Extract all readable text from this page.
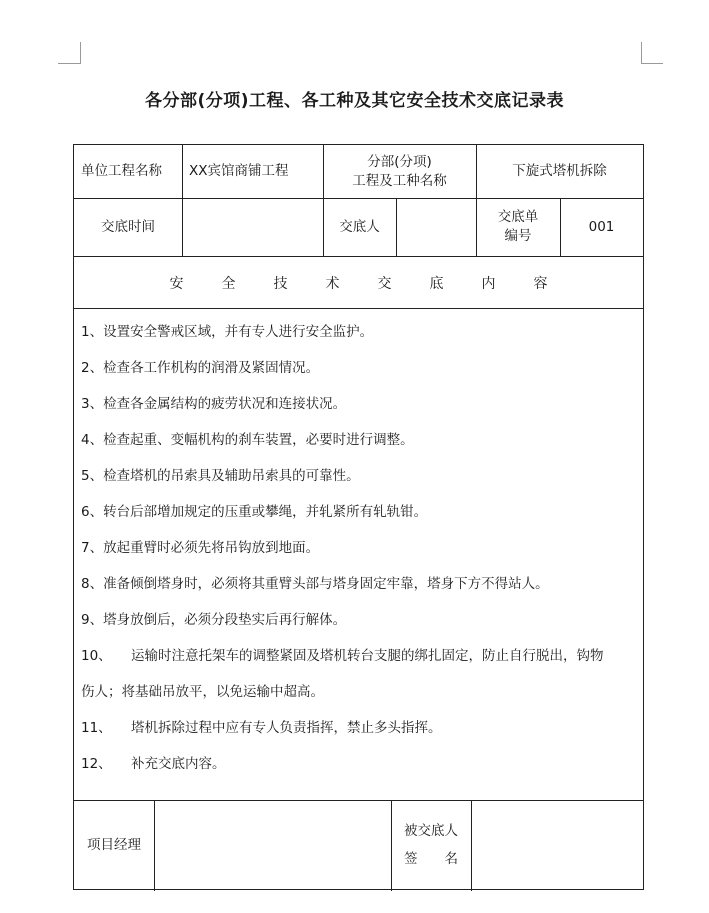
各分部(分项)工程、各工种及其它安全技术交底记录表
单位工程名称	XX宾馆商铺工程
分部(分项)
工程及工种名称
下旋式塔机拆除
交底时间	交底人
交底单
编号
001
安全技术交底内容
1、设置安全警戒区域，并有专人进行安全监护。
2、检查各工作机构的润滑及紧固情况。
3、检查各金属结构的疲劳状况和连接状况。
4、检查起重、变幅机构的刹车装置，必要时进行调整。
5、检查塔机的吊索具及辅助吊索具的可靠性。
6、转台后部增加规定的压重或攀绳，并轧紧所有轧轨钳。
7、放起重臂时必须先将吊钩放到地面。
8、准备倾倒塔身时，必须将其重臂头部与塔身固定牢靠，塔身下方不得站人。
9、塔身放倒后，必须分段垫实后再行解体。
10、 运输时注意托架车的调整紧固及塔机转台支腿的绑扎固定，防止自行脱出，钩物
伤人；将基础吊放平，以免运输中超高。
11、 塔机拆除过程中应有专人负责指挥，禁止多头指挥。
12、 补充交底内容。
项目经理
被交底人
签　　名
